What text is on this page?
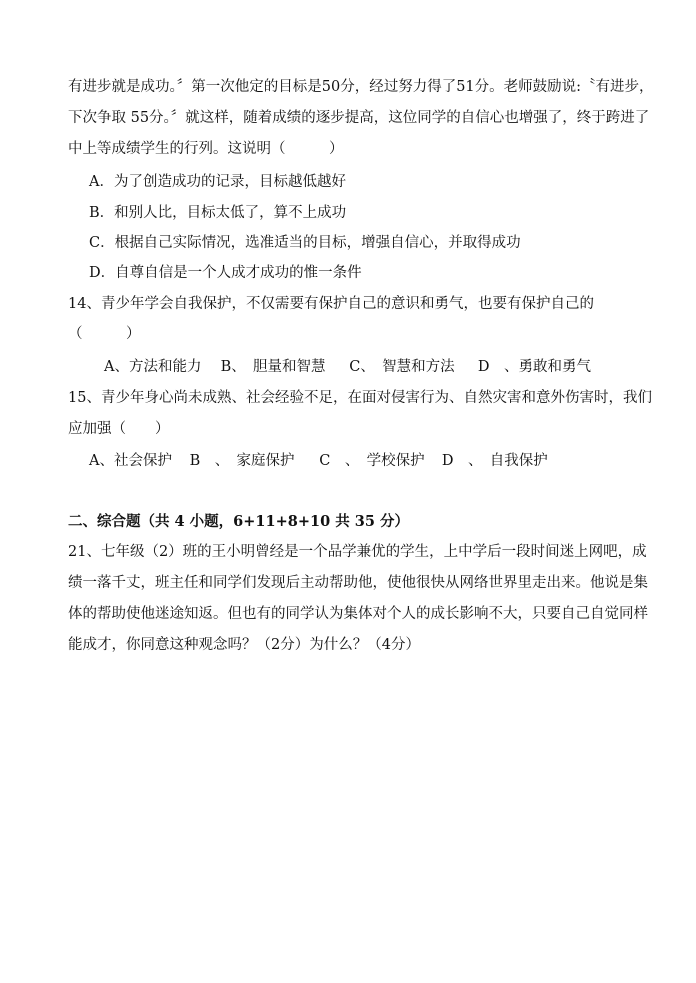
有进步就是成功。〞第一次他定的目标是50分，经过努力得了51分。老师鼓励说:〝有进步，
下次争取 55分。〞就这样，随着成绩的逐步提高，这位同学的自信心也增强了，终于跨进了
中上等成绩学生的行列。这说明（　　　）
A．为了创造成功的记录，目标越低越好
B．和别人比，目标太低了，算不上成功
C．根据自己实际情况，选准适当的目标，增强自信心，并取得成功
D．自尊自信是一个人成才成功的惟一条件
14、青少年学会自我保护，不仅需要有保护自己的意识和勇气，也要有保护自己的
（　　　）
A、方法和能力 B、　胆量和智慧 C、　智慧和方法 D　、勇敢和勇气
15、青少年身心尚未成熟、社会经验不足，在面对侵害行为、自然灾害和意外伤害时，我们
应加强（　　）
A、社会保护 B　、　家庭保护 C　、　学校保护 D　、　自我保护
二、综合题（共 4 小题，6+11+8+10 共 35 分）
21、七年级（2）班的王小明曾经是一个品学兼优的学生，上中学后一段时间迷上网吧，成
绩一落千丈，班主任和同学们发现后主动帮助他，使他很快从网络世界里走出来。他说是集
体的帮助使他迷途知返。但也有的同学认为集体对个人的成长影响不大，只要自己自觉同样
能成才，你同意这种观念吗？（2分）为什么？（4分）
